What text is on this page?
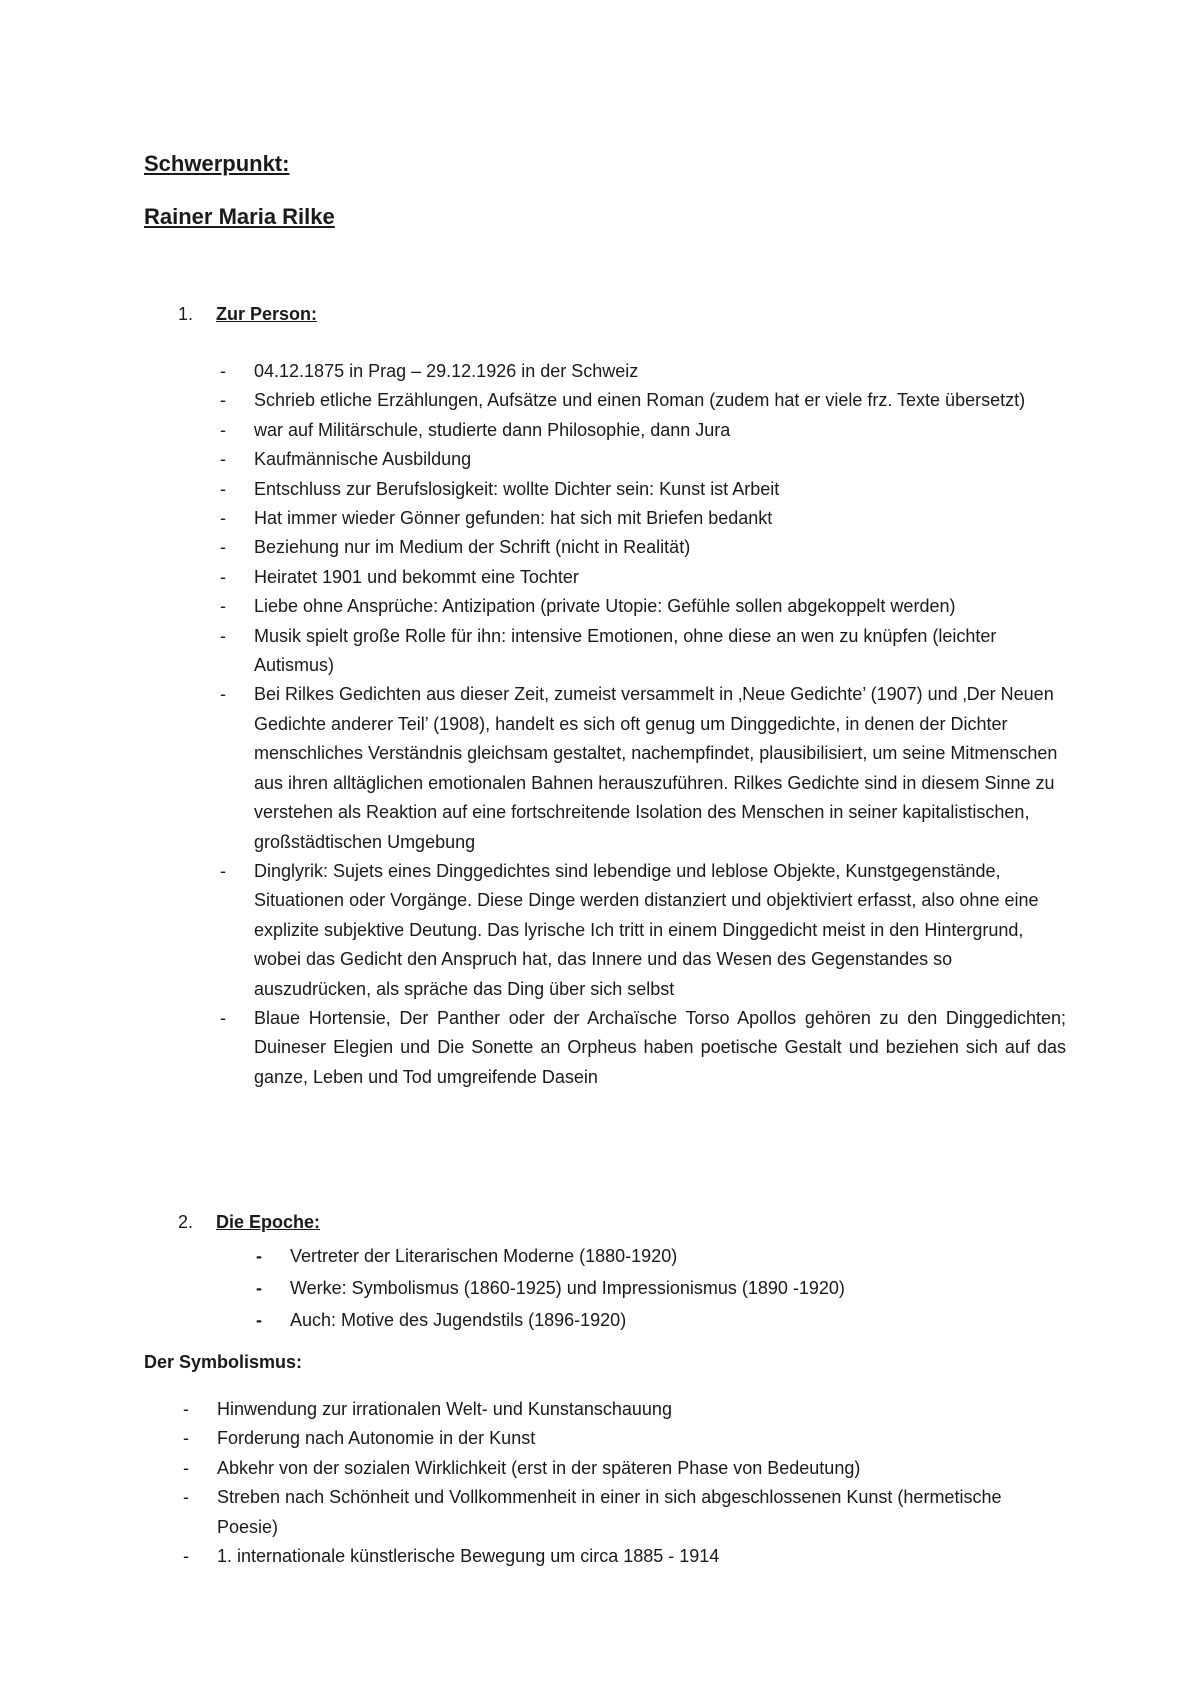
Schwerpunkt:
Rainer Maria Rilke
1. Zur Person:
- 04.12.1875 in Prag – 29.12.1926 in der Schweiz
- Schrieb etliche Erzählungen, Aufsätze und einen Roman (zudem hat er viele frz. Texte übersetzt)
- war auf Militärschule, studierte dann Philosophie, dann Jura
- Kaufmännische Ausbildung
- Entschluss zur Berufslosigkeit: wollte Dichter sein: Kunst ist Arbeit
- Hat immer wieder Gönner gefunden: hat sich mit Briefen bedankt
- Beziehung nur im Medium der Schrift (nicht in Realität)
- Heiratet 1901 und bekommt eine Tochter
- Liebe ohne Ansprüche: Antizipation (private Utopie: Gefühle sollen abgekoppelt werden)
- Musik spielt große Rolle für ihn: intensive Emotionen, ohne diese an wen zu knüpfen (leichter Autismus)
- Bei Rilkes Gedichten aus dieser Zeit, zumeist versammelt in ‚Neue Gedichte’ (1907) und ‚Der Neuen Gedichte anderer Teil’ (1908), handelt es sich oft genug um Dinggedichte, in denen der Dichter menschliches Verständnis gleichsam gestaltet, nachempfindet, plausibilisiert, um seine Mitmenschen aus ihren alltäglichen emotionalen Bahnen herauszuführen. Rilkes Gedichte sind in diesem Sinne zu verstehen als Reaktion auf eine fortschreitende Isolation des Menschen in seiner kapitalistischen, großstädtischen Umgebung
- Dinglyrik: Sujets eines Dinggedichtes sind lebendige und leblose Objekte, Kunstgegenstände, Situationen oder Vorgänge. Diese Dinge werden distanziert und objektiviert erfasst, also ohne eine explizite subjektive Deutung. Das lyrische Ich tritt in einem Dinggedicht meist in den Hintergrund, wobei das Gedicht den Anspruch hat, das Innere und das Wesen des Gegenstandes so auszudrücken, als spräche das Ding über sich selbst
- Blaue Hortensie, Der Panther oder der Archaïsche Torso Apollos gehören zu den Dinggedichten; Duineser Elegien und Die Sonette an Orpheus haben poetische Gestalt und beziehen sich auf das ganze, Leben und Tod umgreifende Dasein
2. Die Epoche:
- Vertreter der Literarischen Moderne (1880-1920)
- Werke: Symbolismus (1860-1925) und Impressionismus (1890 -1920)
- Auch: Motive des Jugendstils (1896-1920)
Der Symbolismus:
- Hinwendung zur irrationalen Welt- und Kunstanschauung
- Forderung nach Autonomie in der Kunst
- Abkehr von der sozialen Wirklichkeit (erst in der späteren Phase von Bedeutung)
- Streben nach Schönheit und Vollkommenheit in einer in sich abgeschlossenen Kunst (hermetische Poesie)
- 1. internationale künstlerische Bewegung um circa 1885 - 1914
